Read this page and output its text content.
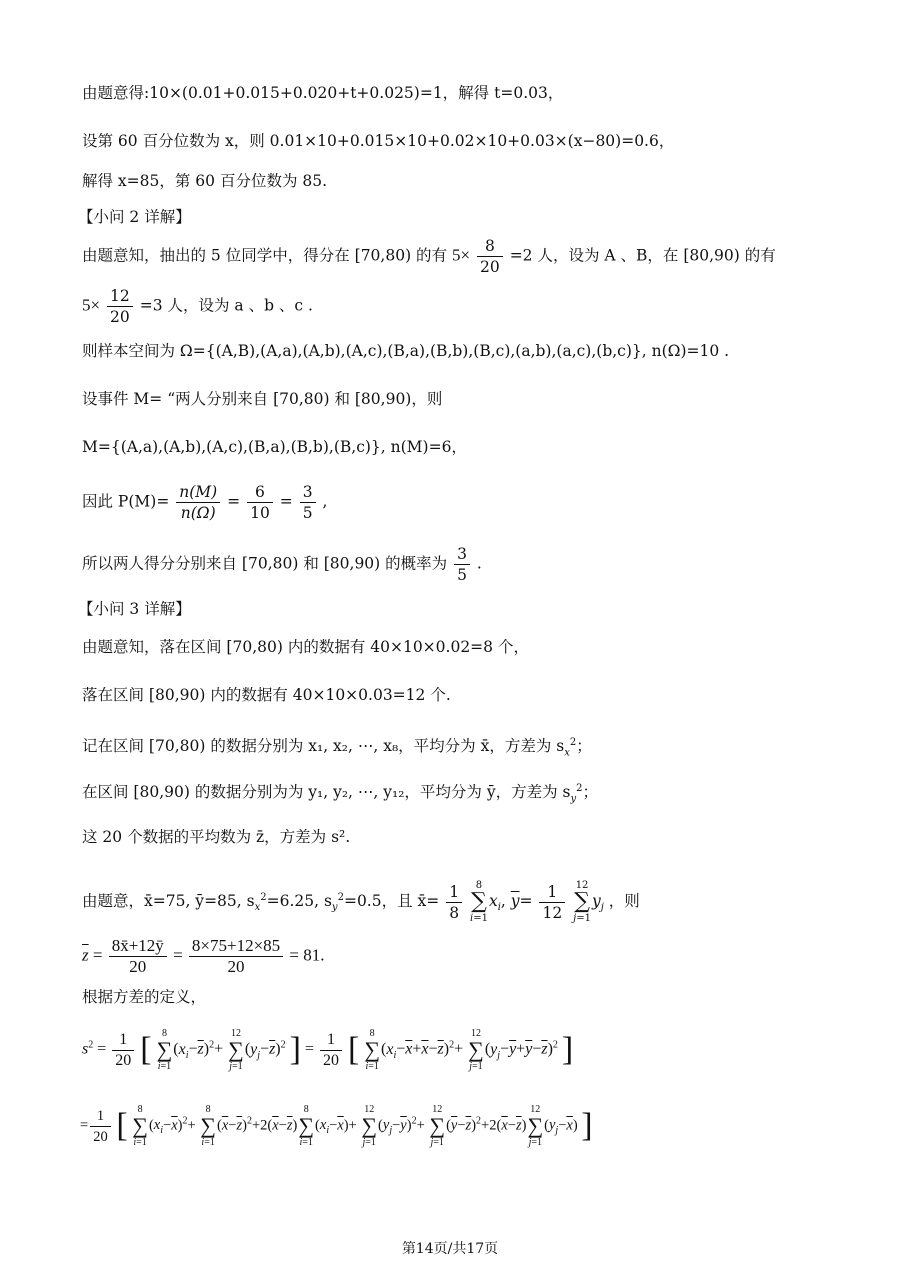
由题意得:10×(0.01+0.015+0.020+t+0.025)=1，解得 t=0.03，
设第 60 百分位数为 x，则 0.01×10+0.015×10+0.02×10+0.03×(x−80)=0.6，
解得 x=85，第 60 百分位数为 85.
【小问 2 详解】
由题意知，抽出的 5 位同学中，得分在 [70,80) 的有 $5\times \frac{8}{20} =2$ 人，设为 A 、B，在 [80,90) 的有
$5\times \frac{12}{20} =3$ 人，设为 a 、b 、c .
则样本空间为 Ω={(A,B),(A,a),(A,b),(A,c),(B,a),(B,b),(B,c),(a,b),(a,c),(b,c)}, n(Ω)=10 .
设事件 M= “两人分别来自 [70,80) 和 [80,90)，则
M={(A,a),(A,b),(A,c),(B,a),(B,b),(B,c)}, n(M)=6，
因此 $P(M)= \frac{n(M)}{n(\Omega)} = \frac{6}{10} = \frac{3}{5}$ ,
所以两人得分分别来自 [70,80) 和 [80,90) 的概率为 $\frac{3}{5}$ .
【小问 3 详解】
由题意知，落在区间 [70,80) 内的数据有 40×10×0.02=8 个，
落在区间 [80,90) 内的数据有 40×10×0.03=12 个.
记在区间 [70,80) 的数据分别为 x₁, x₂, ⋯, x₈，平均分为 x̄，方差为 $s_x^2$；
在区间 [80,90) 的数据分别为为 y₁, y₂, ⋯, y₁₂，平均分为 ȳ，方差为 $s_y^2$；
这 20 个数据的平均数为 z̄，方差为 s².
由题意，x̄=75, ȳ=85, $s_x^2=6.25$, $s_y^2=0.5$，且 x̄= $\frac{1}{8} 8$
∑
$i=1x_i$, $\overline{y}= \frac{1}{12} 12$
∑
$j=1y_j$ ，则
$\overline{z} = \frac{8x̄+12ȳ}{20} = \frac{8\times 75+12\times 85}{20} = 81$.
根据方差的定义，
$s^2 = \frac{1}{20}$ [ 8
∑
$i=1(x_i-\overline{z})^2+ 12$
∑
$j=1(y_j-\overline{z})^2$ ] = $\frac{1}{20}$ [ 8
∑
$i=1(x_i-\overline{x}+\overline{x}-\overline{z})^2+ 12$
∑
$j=1(y_j-\overline{y}+\overline{y}-\overline{z})^2$ ]
= $\frac{1}{20}$ [ 8
∑
$i=1(x_i-\overline{x})^2+ 8$
∑
$i=1(\overline{x}-\overline{z})^2+2(\overline{x}-\overline{z})8$
∑
$i=1(x_i-\overline{x})+ 12$
∑
$j=1(y_j-\overline{y})^2+ 12$
∑
$j=1(\overline{y}-\overline{z})^2+2(\overline{x}-\overline{z})12$
∑
$j=1(y_j-\overline{x})$ ]
第14页/共17页
